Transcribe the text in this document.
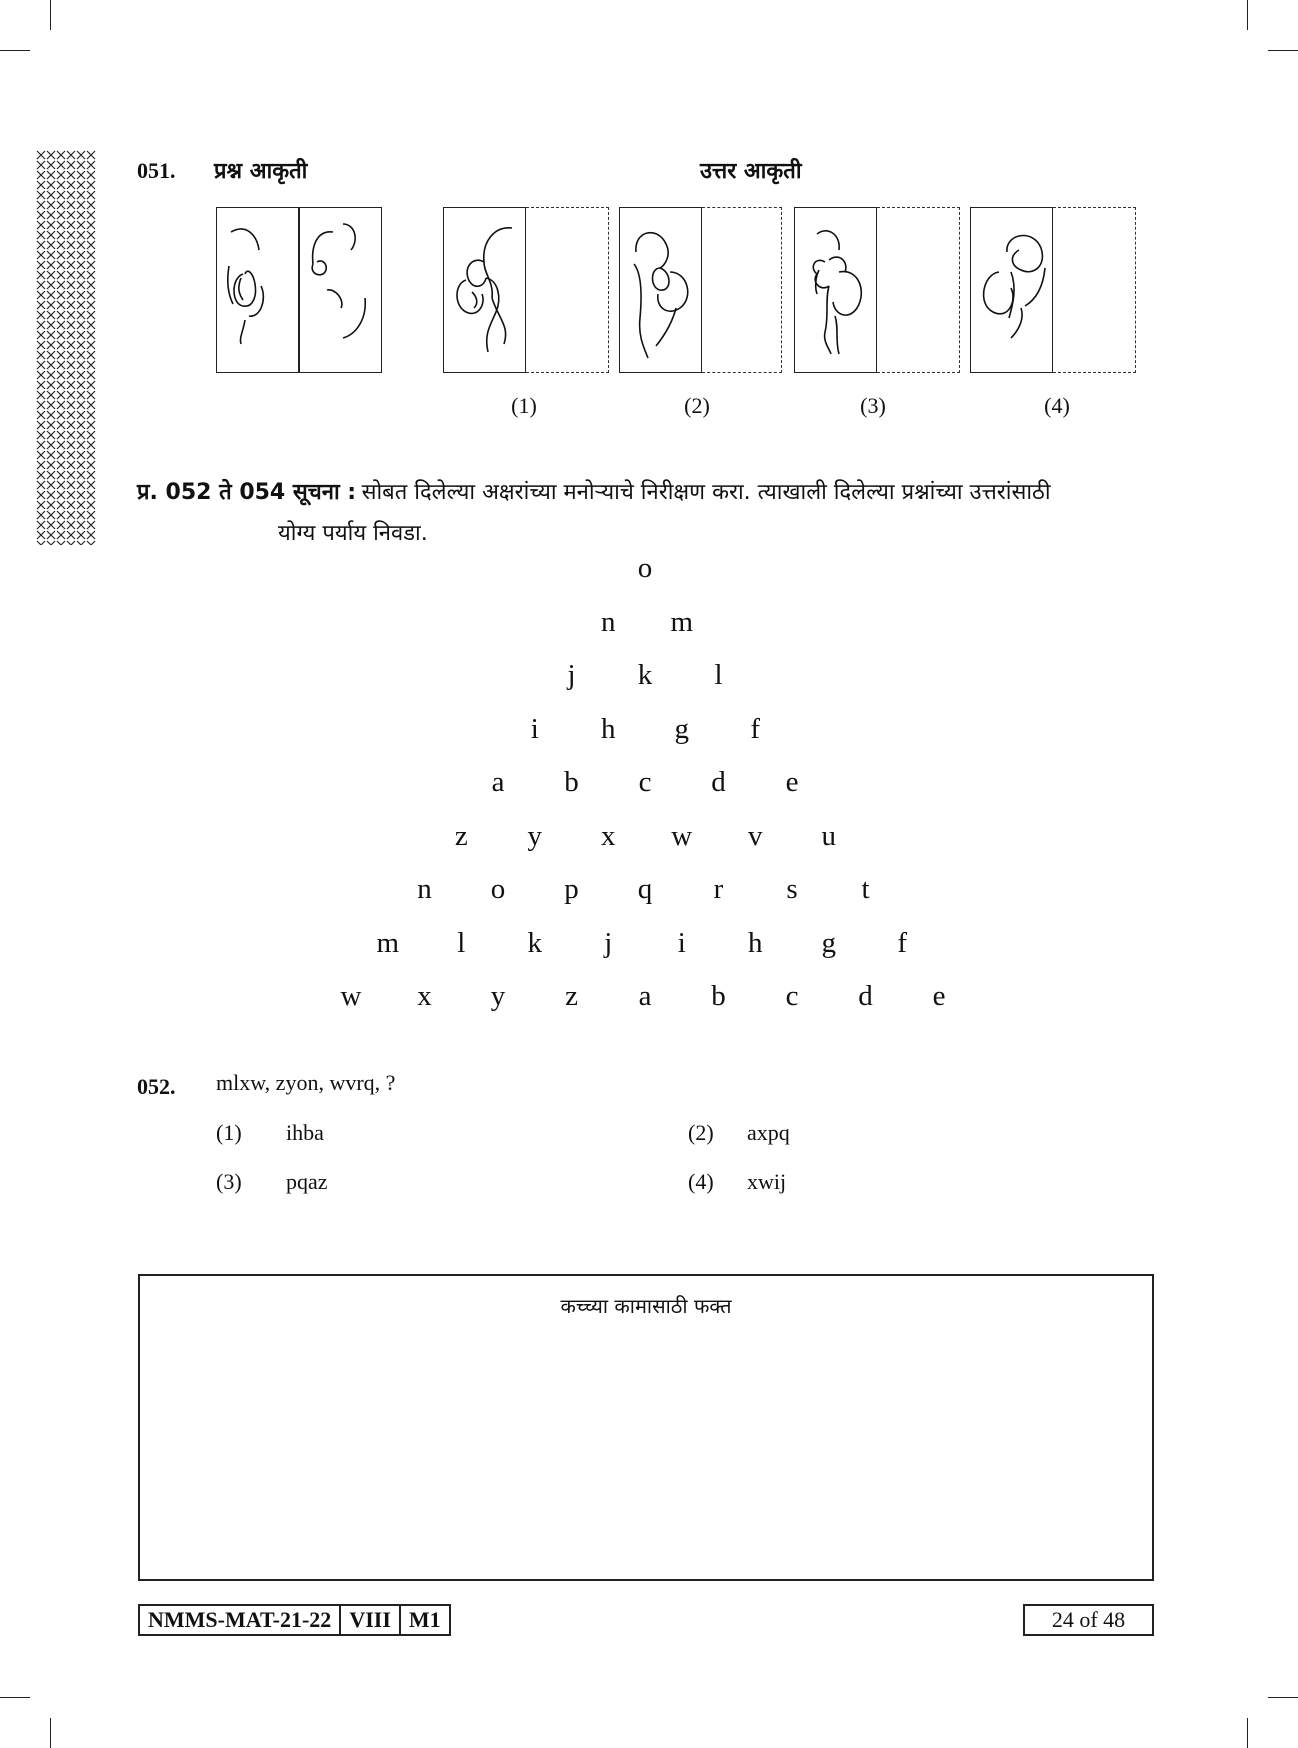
051. प्रश्न आकृती	उत्तर आकृती
(1)	(2)	(3)	(4)
प्र. 052 ते 054 सूचना : सोबत दिलेल्या अक्षरांच्या मनोऱ्याचे निरीक्षण करा. त्याखाली दिलेल्या प्रश्नांच्या उत्तरांसाठी
योग्य पर्याय निवडा.
o
n m
j	k	l
i	h g	f
a b c d e
z y x w v u
n o p q	r	s	t
m	l	k	j	i	h g	f
w x y z a b c d e
052. mlxw, zyon, wvrq, ?
(1) ihba	(2) axpq
(3) pqaz	(4) xwij
कच्च्या कामासाठी फक्त
NMMS-MAT-21-22 VIII M1	24 of 48
